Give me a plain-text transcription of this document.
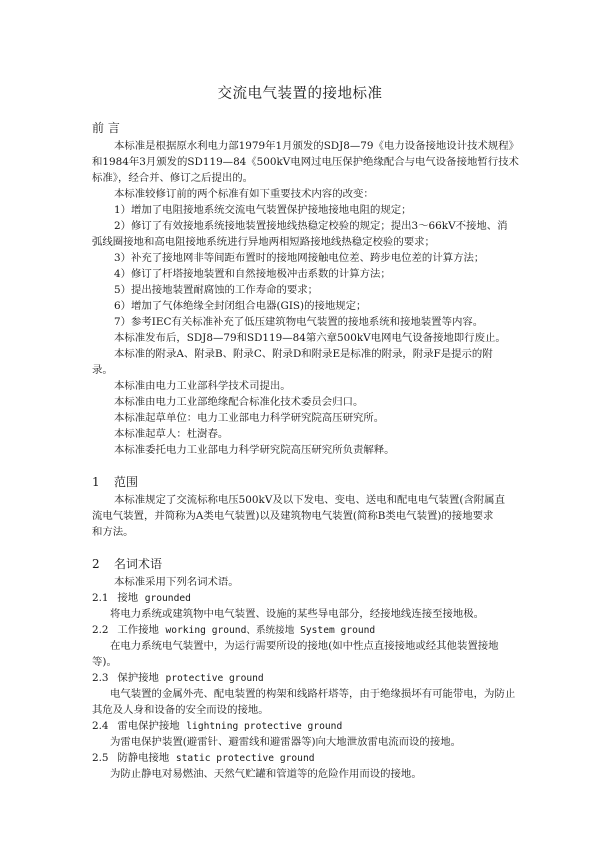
交流电气装置的接地标准
前 言
本标准是根据原水利电力部1979年1月颁发的SDJ8—79《电力设备接地设计技术规程》
和1984年3月颁发的SD119—84《500kV电网过电压保护绝缘配合与电气设备接地暂行技术
标准》，经合并、修订之后提出的。
本标准较修订前的两个标准有如下重要技术内容的改变：
1）增加了电阻接地系统交流电气装置保护接地接地电阻的规定；
2）修订了有效接地系统接地装置接地线热稳定校验的规定；提出3～66kV不接地、消
弧线圈接地和高电阻接地系统进行异地两相短路接地线热稳定校验的要求；
3）补充了接地网非等间距布置时的接地网接触电位差、跨步电位差的计算方法；
4）修订了杆塔接地装置和自然接地极冲击系数的计算方法；
5）提出接地装置耐腐蚀的工作寿命的要求；
6）增加了气体绝缘全封闭组合电器(GIS)的接地规定；
7）参考IEC有关标准补充了低压建筑物电气装置的接地系统和接地装置等内容。
本标准发布后，SDJ8—79和SD119—84第六章500kV电网电气设备接地即行废止。
本标准的附录A、附录B、附录C、附录D和附录E是标准的附录，附录F是提示的附
录。
本标准由电力工业部科学技术司提出。
本标准由电力工业部绝缘配合标准化技术委员会归口。
本标准起草单位：电力工业部电力科学研究院高压研究所。
本标准起草人：杜澍春。
本标准委托电力工业部电力科学研究院高压研究所负责解释。
1 范围
本标准规定了交流标称电压500kV及以下发电、变电、送电和配电电气装置(含附属直
流电气装置，并简称为A类电气装置)以及建筑物电气装置(简称B类电气装置)的接地要求
和方法。
2 名词术语
本标准采用下列名词术语。
2.1 接地 grounded
将电力系统或建筑物中电气装置、设施的某些导电部分，经接地线连接至接地极。
2.2 工作接地 working ground、系统接地 System ground
在电力系统电气装置中，为运行需要所设的接地(如中性点直接接地或经其他装置接地
等)。
2.3 保护接地 protective ground
电气装置的金属外壳、配电装置的构架和线路杆塔等，由于绝缘损坏有可能带电，为防止
其危及人身和设备的安全而设的接地。
2.4 雷电保护接地 lightning protective ground
为雷电保护装置(避雷针、避雷线和避雷器等)向大地泄放雷电流而设的接地。
2.5 防静电接地 static protective ground
为防止静电对易燃油、天然气贮罐和管道等的危险作用而设的接地。
